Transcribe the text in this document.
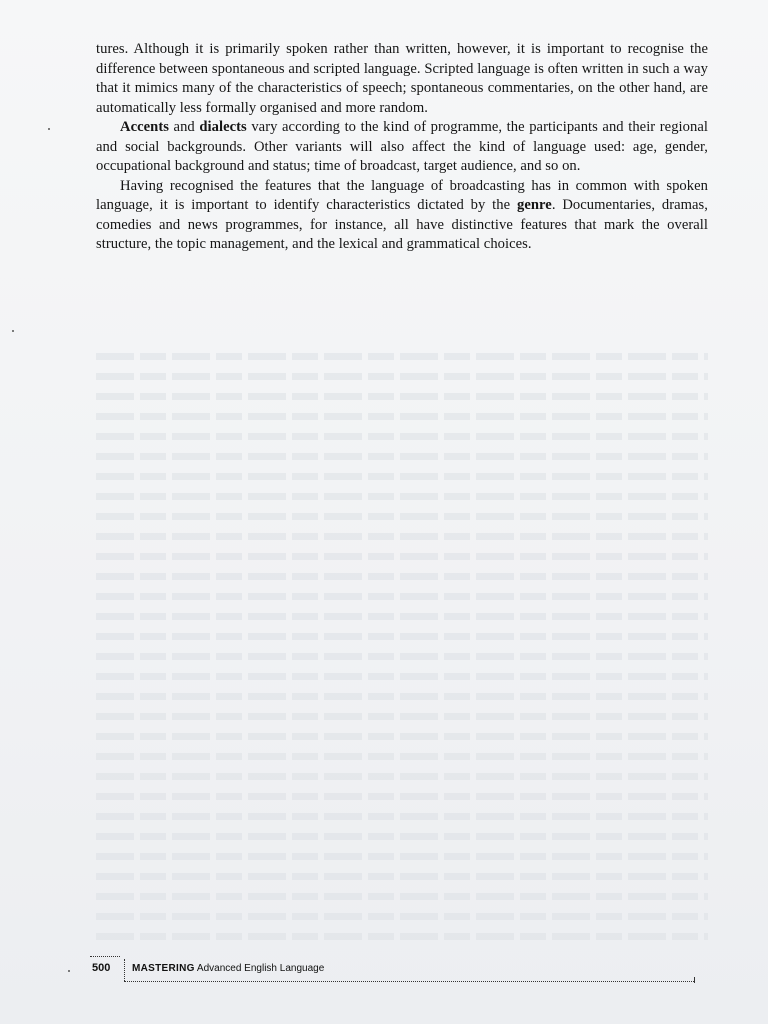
tures. Although it is primarily spoken rather than written, however, it is important to recognise the difference between spontaneous and scripted language. Scripted language is often written in such a way that it mimics many of the characteristics of speech; spontaneous commentaries, on the other hand, are automatically less formally organised and more random.

Accents and dialects vary according to the kind of programme, the participants and their regional and social backgrounds. Other variants will also affect the kind of language used: age, gender, occupational background and status; time of broadcast, target audience, and so on.

Having recognised the features that the language of broadcasting has in common with spoken language, it is important to identify characteristics dictated by the genre. Documentaries, dramas, comedies and news programmes, for instance, all have distinctive features that mark the overall structure, the topic management, and the lexical and grammatical choices.

500 MASTERING Advanced English Language
